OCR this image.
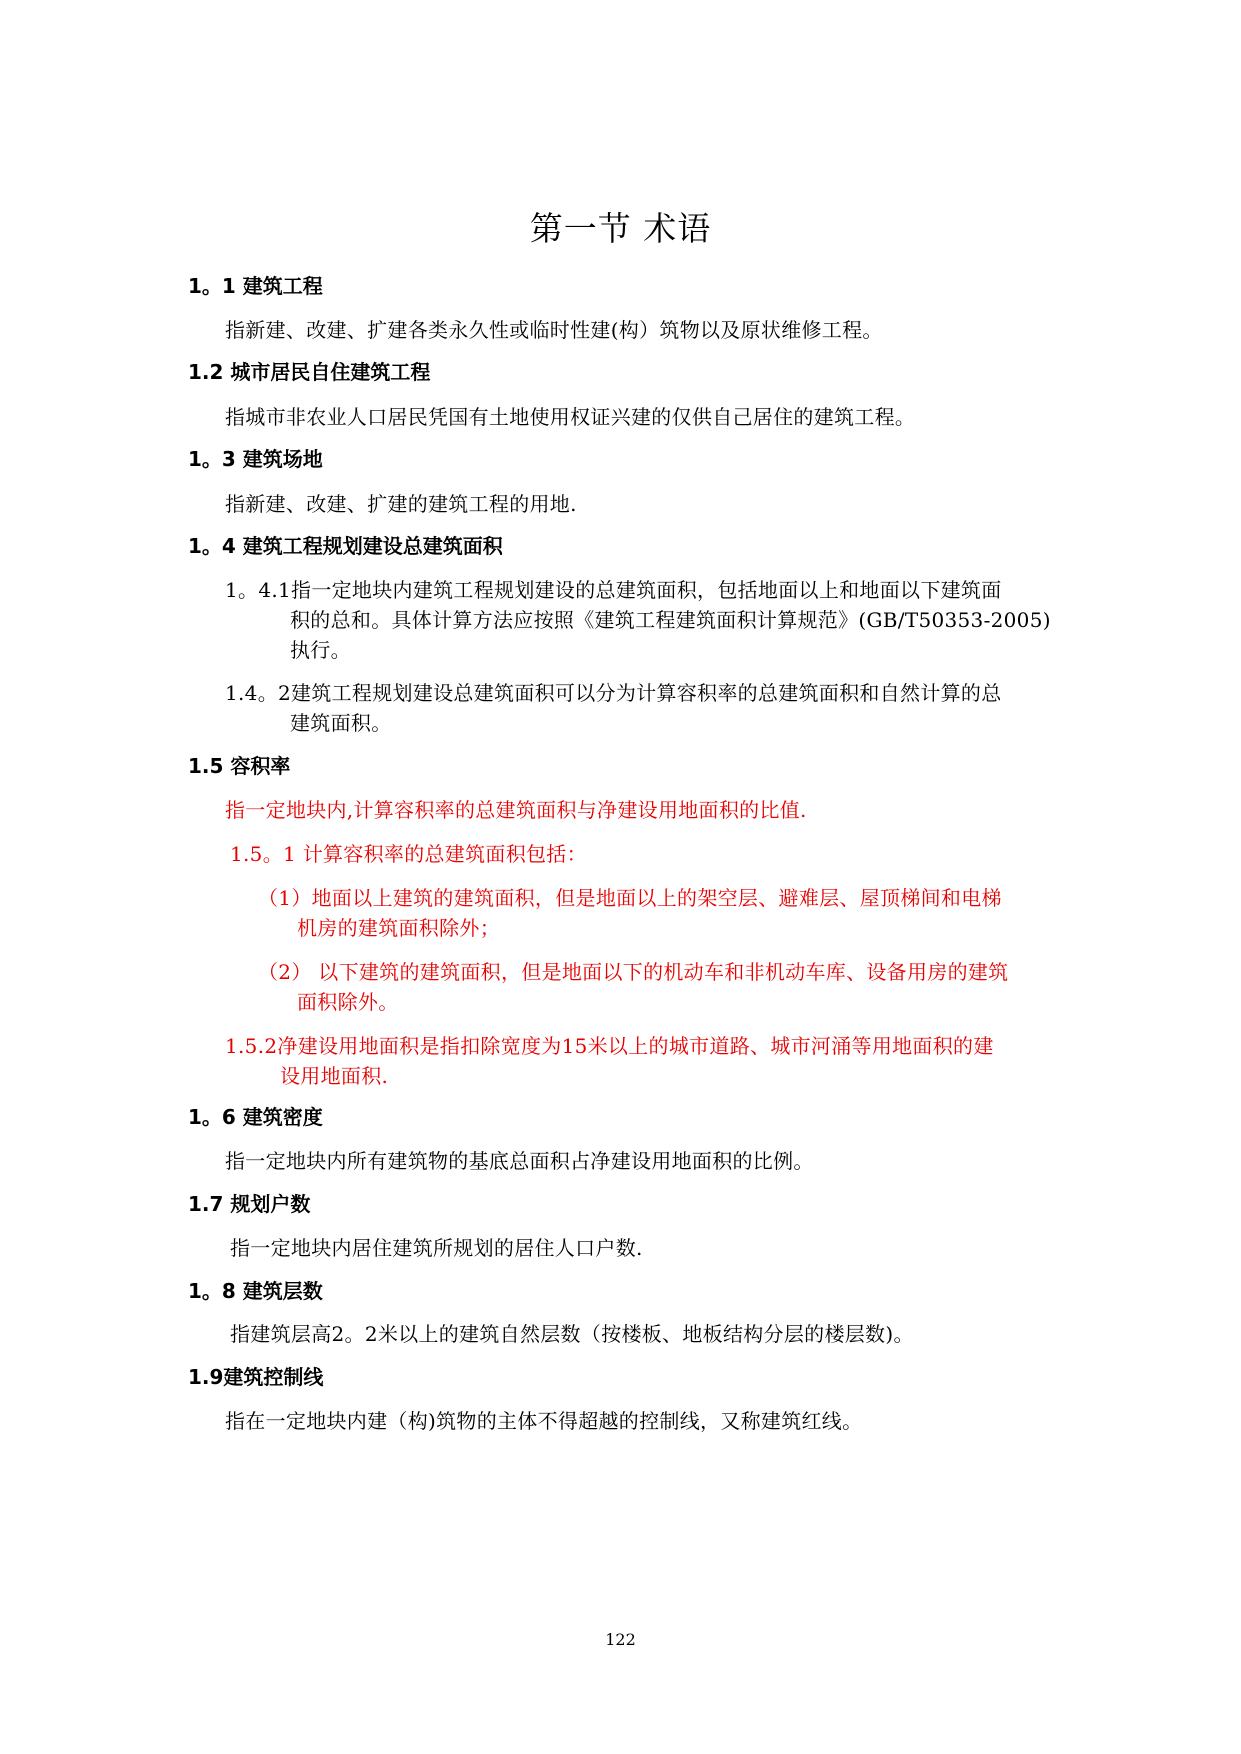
第一节 术语
1。1 建筑工程
指新建、改建、扩建各类永久性或临时性建(构）筑物以及原状维修工程。
1.2 城市居民自住建筑工程
指城市非农业人口居民凭国有土地使用权证兴建的仅供自己居住的建筑工程。
1。3 建筑场地
指新建、改建、扩建的建筑工程的用地.
1。4 建筑工程规划建设总建筑面积
1。4.1指一定地块内建筑工程规划建设的总建筑面积，包括地面以上和地面以下建筑面
积的总和。具体计算方法应按照《建筑工程建筑面积计算规范》(GB/T50353-2005)
执行。
1.4。2建筑工程规划建设总建筑面积可以分为计算容积率的总建筑面积和自然计算的总
建筑面积。
1.5 容积率
指一定地块内,计算容积率的总建筑面积与净建设用地面积的比值.
1.5。1 计算容积率的总建筑面积包括：
（1）地面以上建筑的建筑面积，但是地面以上的架空层、避难层、屋顶梯间和电梯
机房的建筑面积除外；
（2） 以下建筑的建筑面积，但是地面以下的机动车和非机动车库、设备用房的建筑
面积除外。
1.5.2净建设用地面积是指扣除宽度为15米以上的城市道路、城市河涌等用地面积的建
设用地面积.
1。6 建筑密度
指一定地块内所有建筑物的基底总面积占净建设用地面积的比例。
1.7 规划户数
指一定地块内居住建筑所规划的居住人口户数.
1。8 建筑层数
指建筑层高2。2米以上的建筑自然层数（按楼板、地板结构分层的楼层数)。
1.9建筑控制线
指在一定地块内建（构)筑物的主体不得超越的控制线，又称建筑红线。
122
